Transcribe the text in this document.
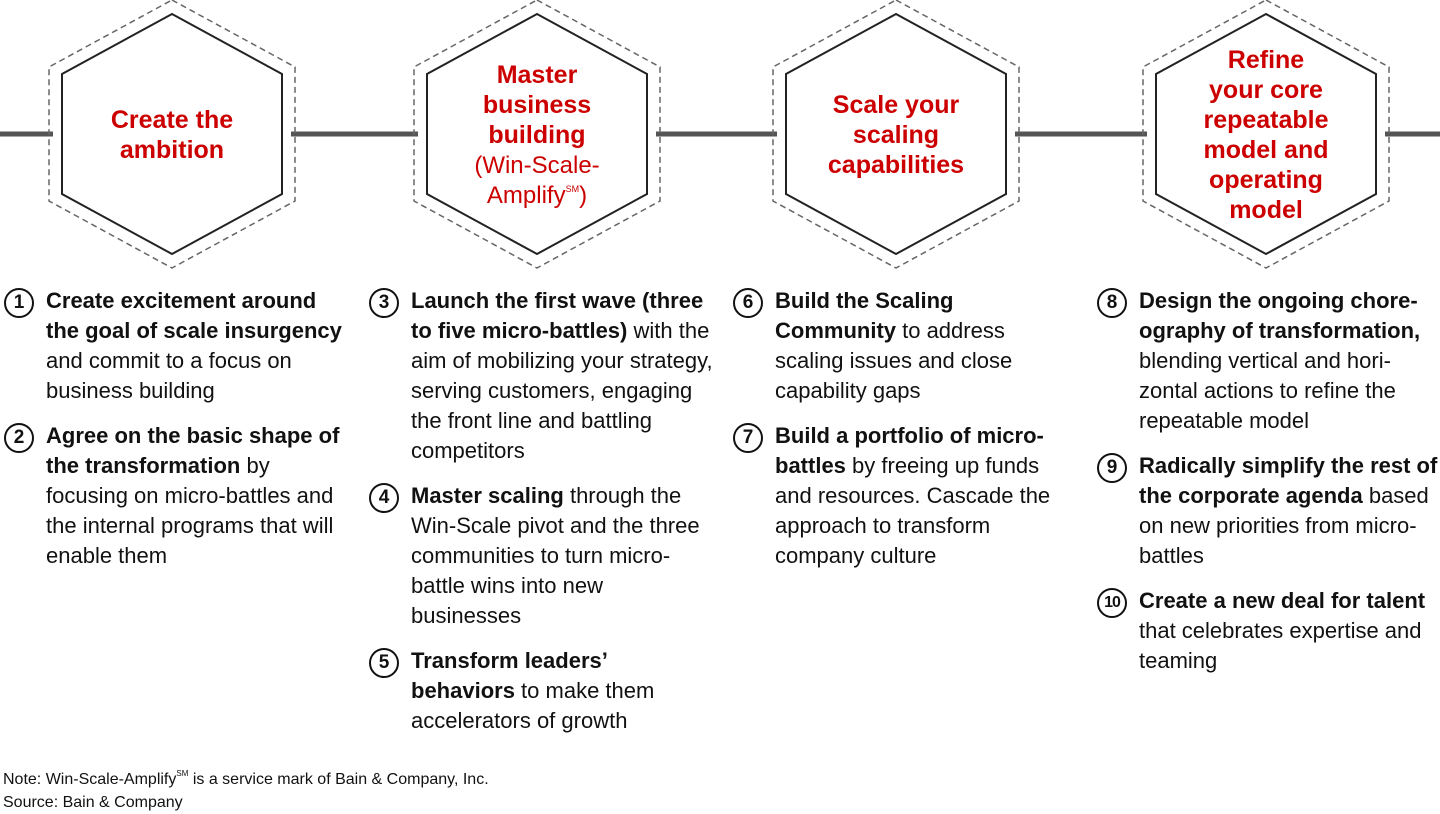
Create the
ambition
Master
business
building
(Win-Scale-
Amplify℠)
Scale your
scaling
capabilities
Refine
your core
repeatable
model and
operating
model
1 Create excitement around the goal of scale insurgency and commit to a focus on business building
2 Agree on the basic shape of the transformation by focusing on micro-battles and the internal programs that will enable them
3 Launch the first wave (three to five micro-battles) with the aim of mobilizing your strategy, serving customers, engaging the front line and battling competitors
4 Master scaling through the Win-Scale pivot and the three communities to turn micro-battle wins into new businesses
5 Transform leaders’ behaviors to make them accelerators of growth
6 Build the Scaling Community to address scaling issues and close capability gaps
7 Build a portfolio of micro-battles by freeing up funds and resources. Cascade the approach to transform company culture
8 Design the ongoing choreography of transformation, blending vertical and horizontal actions to refine the repeatable model
9 Radically simplify the rest of the corporate agenda based on new priorities from micro-battles
10 Create a new deal for talent that celebrates expertise and teaming
Note: Win-Scale-Amplify℠ is a service mark of Bain & Company, Inc.
Source: Bain & Company
